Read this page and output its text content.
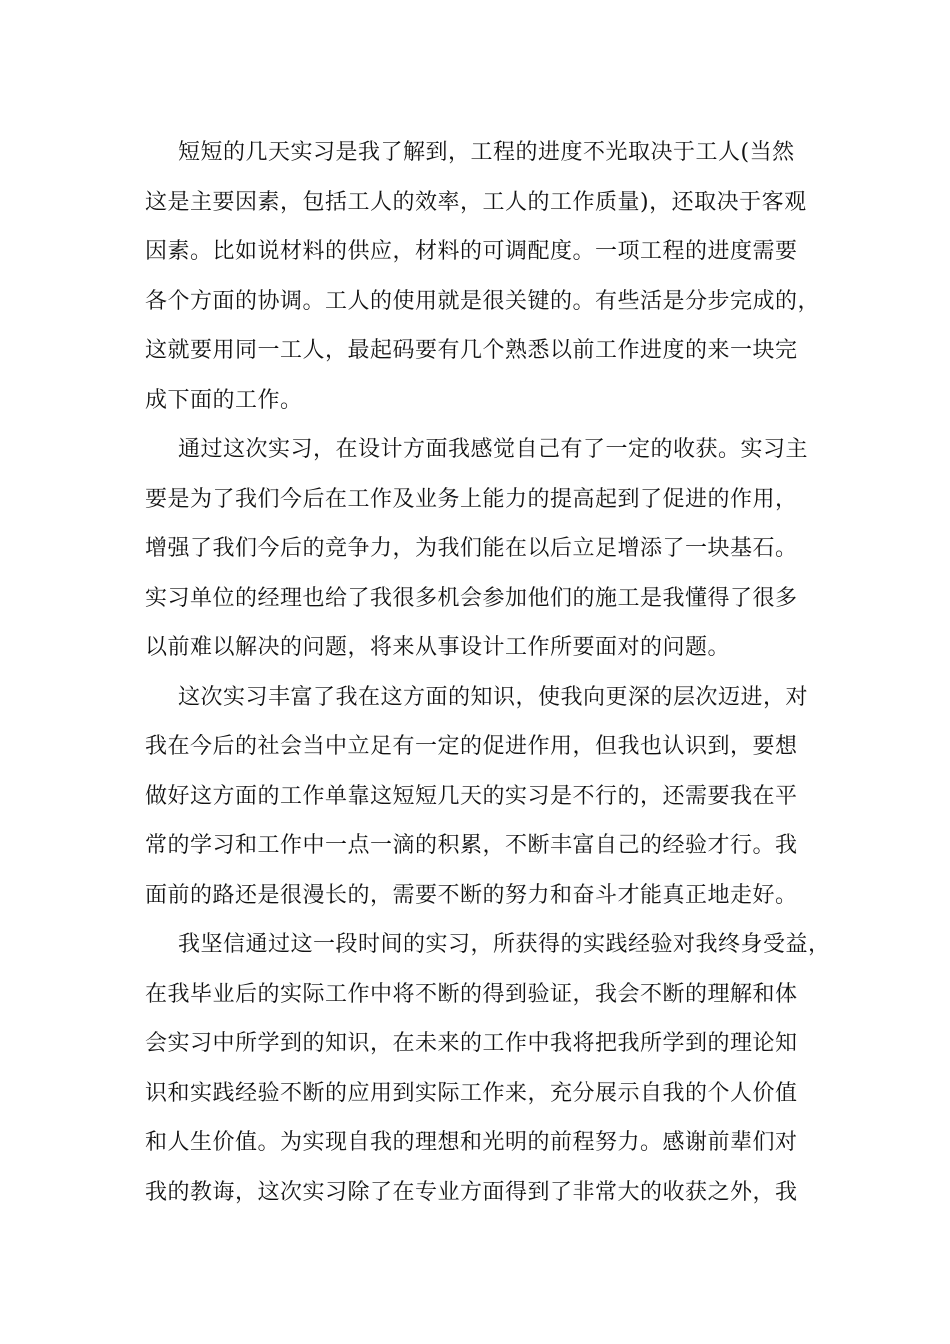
短短的几天实习是我了解到，工程的进度不光取决于工人(当然
这是主要因素，包括工人的效率，工人的工作质量)，还取决于客观
因素。比如说材料的供应，材料的可调配度。一项工程的进度需要
各个方面的协调。工人的使用就是很关键的。有些活是分步完成的，
这就要用同一工人，最起码要有几个熟悉以前工作进度的来一块完
成下面的工作。
通过这次实习，在设计方面我感觉自己有了一定的收获。实习主
要是为了我们今后在工作及业务上能力的提高起到了促进的作用，
增强了我们今后的竞争力，为我们能在以后立足增添了一块基石。
实习单位的经理也给了我很多机会参加他们的施工是我懂得了很多
以前难以解决的问题，将来从事设计工作所要面对的问题。
这次实习丰富了我在这方面的知识，使我向更深的层次迈进，对
我在今后的社会当中立足有一定的促进作用，但我也认识到，要想
做好这方面的工作单靠这短短几天的实习是不行的，还需要我在平
常的学习和工作中一点一滴的积累，不断丰富自己的经验才行。我
面前的路还是很漫长的，需要不断的努力和奋斗才能真正地走好。
我坚信通过这一段时间的实习，所获得的实践经验对我终身受益，
在我毕业后的实际工作中将不断的得到验证，我会不断的理解和体
会实习中所学到的知识，在未来的工作中我将把我所学到的理论知
识和实践经验不断的应用到实际工作来，充分展示自我的个人价值
和人生价值。为实现自我的理想和光明的前程努力。感谢前辈们对
我的教诲，这次实习除了在专业方面得到了非常大的收获之外，我
